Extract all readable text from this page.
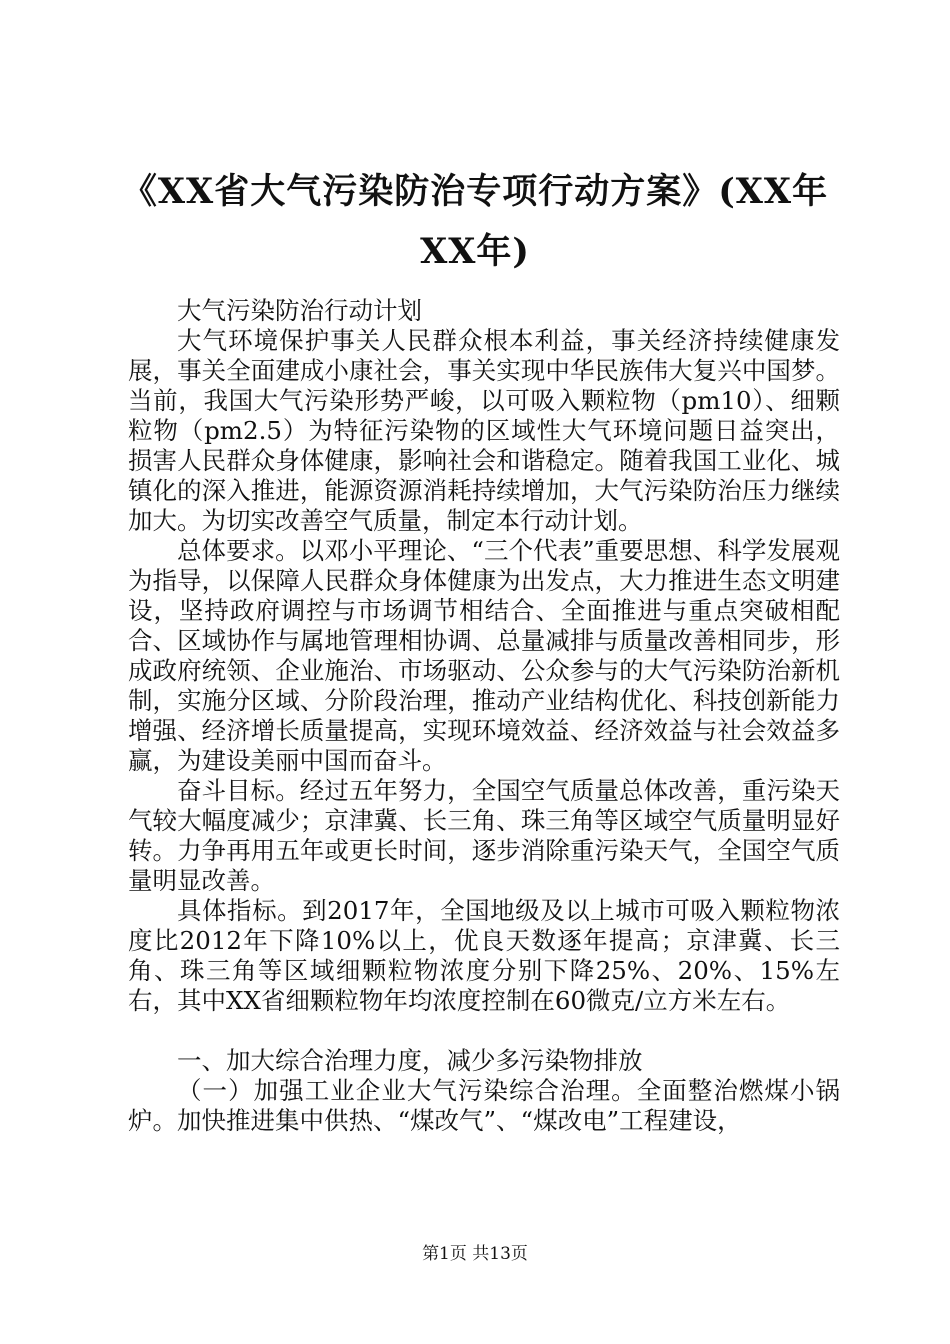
《XX省大气污染防治专项行动方案》(XX年XX年)

大气污染防治行动计划

大气环境保护事关人民群众根本利益，事关经济持续健康发展，事关全面建成小康社会，事关实现中华民族伟大复兴中国梦。当前，我国大气污染形势严峻，以可吸入颗粒物（pm10）、细颗粒物（pm2.5）为特征污染物的区域性大气环境问题日益突出，损害人民群众身体健康，影响社会和谐稳定。随着我国工业化、城镇化的深入推进，能源资源消耗持续增加，大气污染防治压力继续加大。为切实改善空气质量，制定本行动计划。

总体要求。以邓小平理论、“三个代表”重要思想、科学发展观为指导，以保障人民群众身体健康为出发点，大力推进生态文明建设，坚持政府调控与市场调节相结合、全面推进与重点突破相配合、区域协作与属地管理相协调、总量减排与质量改善相同步，形成政府统领、企业施治、市场驱动、公众参与的大气污染防治新机制，实施分区域、分阶段治理，推动产业结构优化、科技创新能力增强、经济增长质量提高，实现环境效益、经济效益与社会效益多赢，为建设美丽中国而奋斗。

奋斗目标。经过五年努力，全国空气质量总体改善，重污染天气较大幅度减少；京津冀、长三角、珠三角等区域空气质量明显好转。力争再用五年或更长时间，逐步消除重污染天气，全国空气质量明显改善。

具体指标。到2017年，全国地级及以上城市可吸入颗粒物浓度比2012年下降10%以上，优良天数逐年提高；京津冀、长三角、珠三角等区域细颗粒物浓度分别下降25%、20%、15%左右，其中XX省细颗粒物年均浓度控制在60微克/立方米左右。

一、加大综合治理力度，减少多污染物排放

（一）加强工业企业大气污染综合治理。全面整治燃煤小锅炉。加快推进集中供热、“煤改气”、“煤改电”工程建设，

第1页 共13页
